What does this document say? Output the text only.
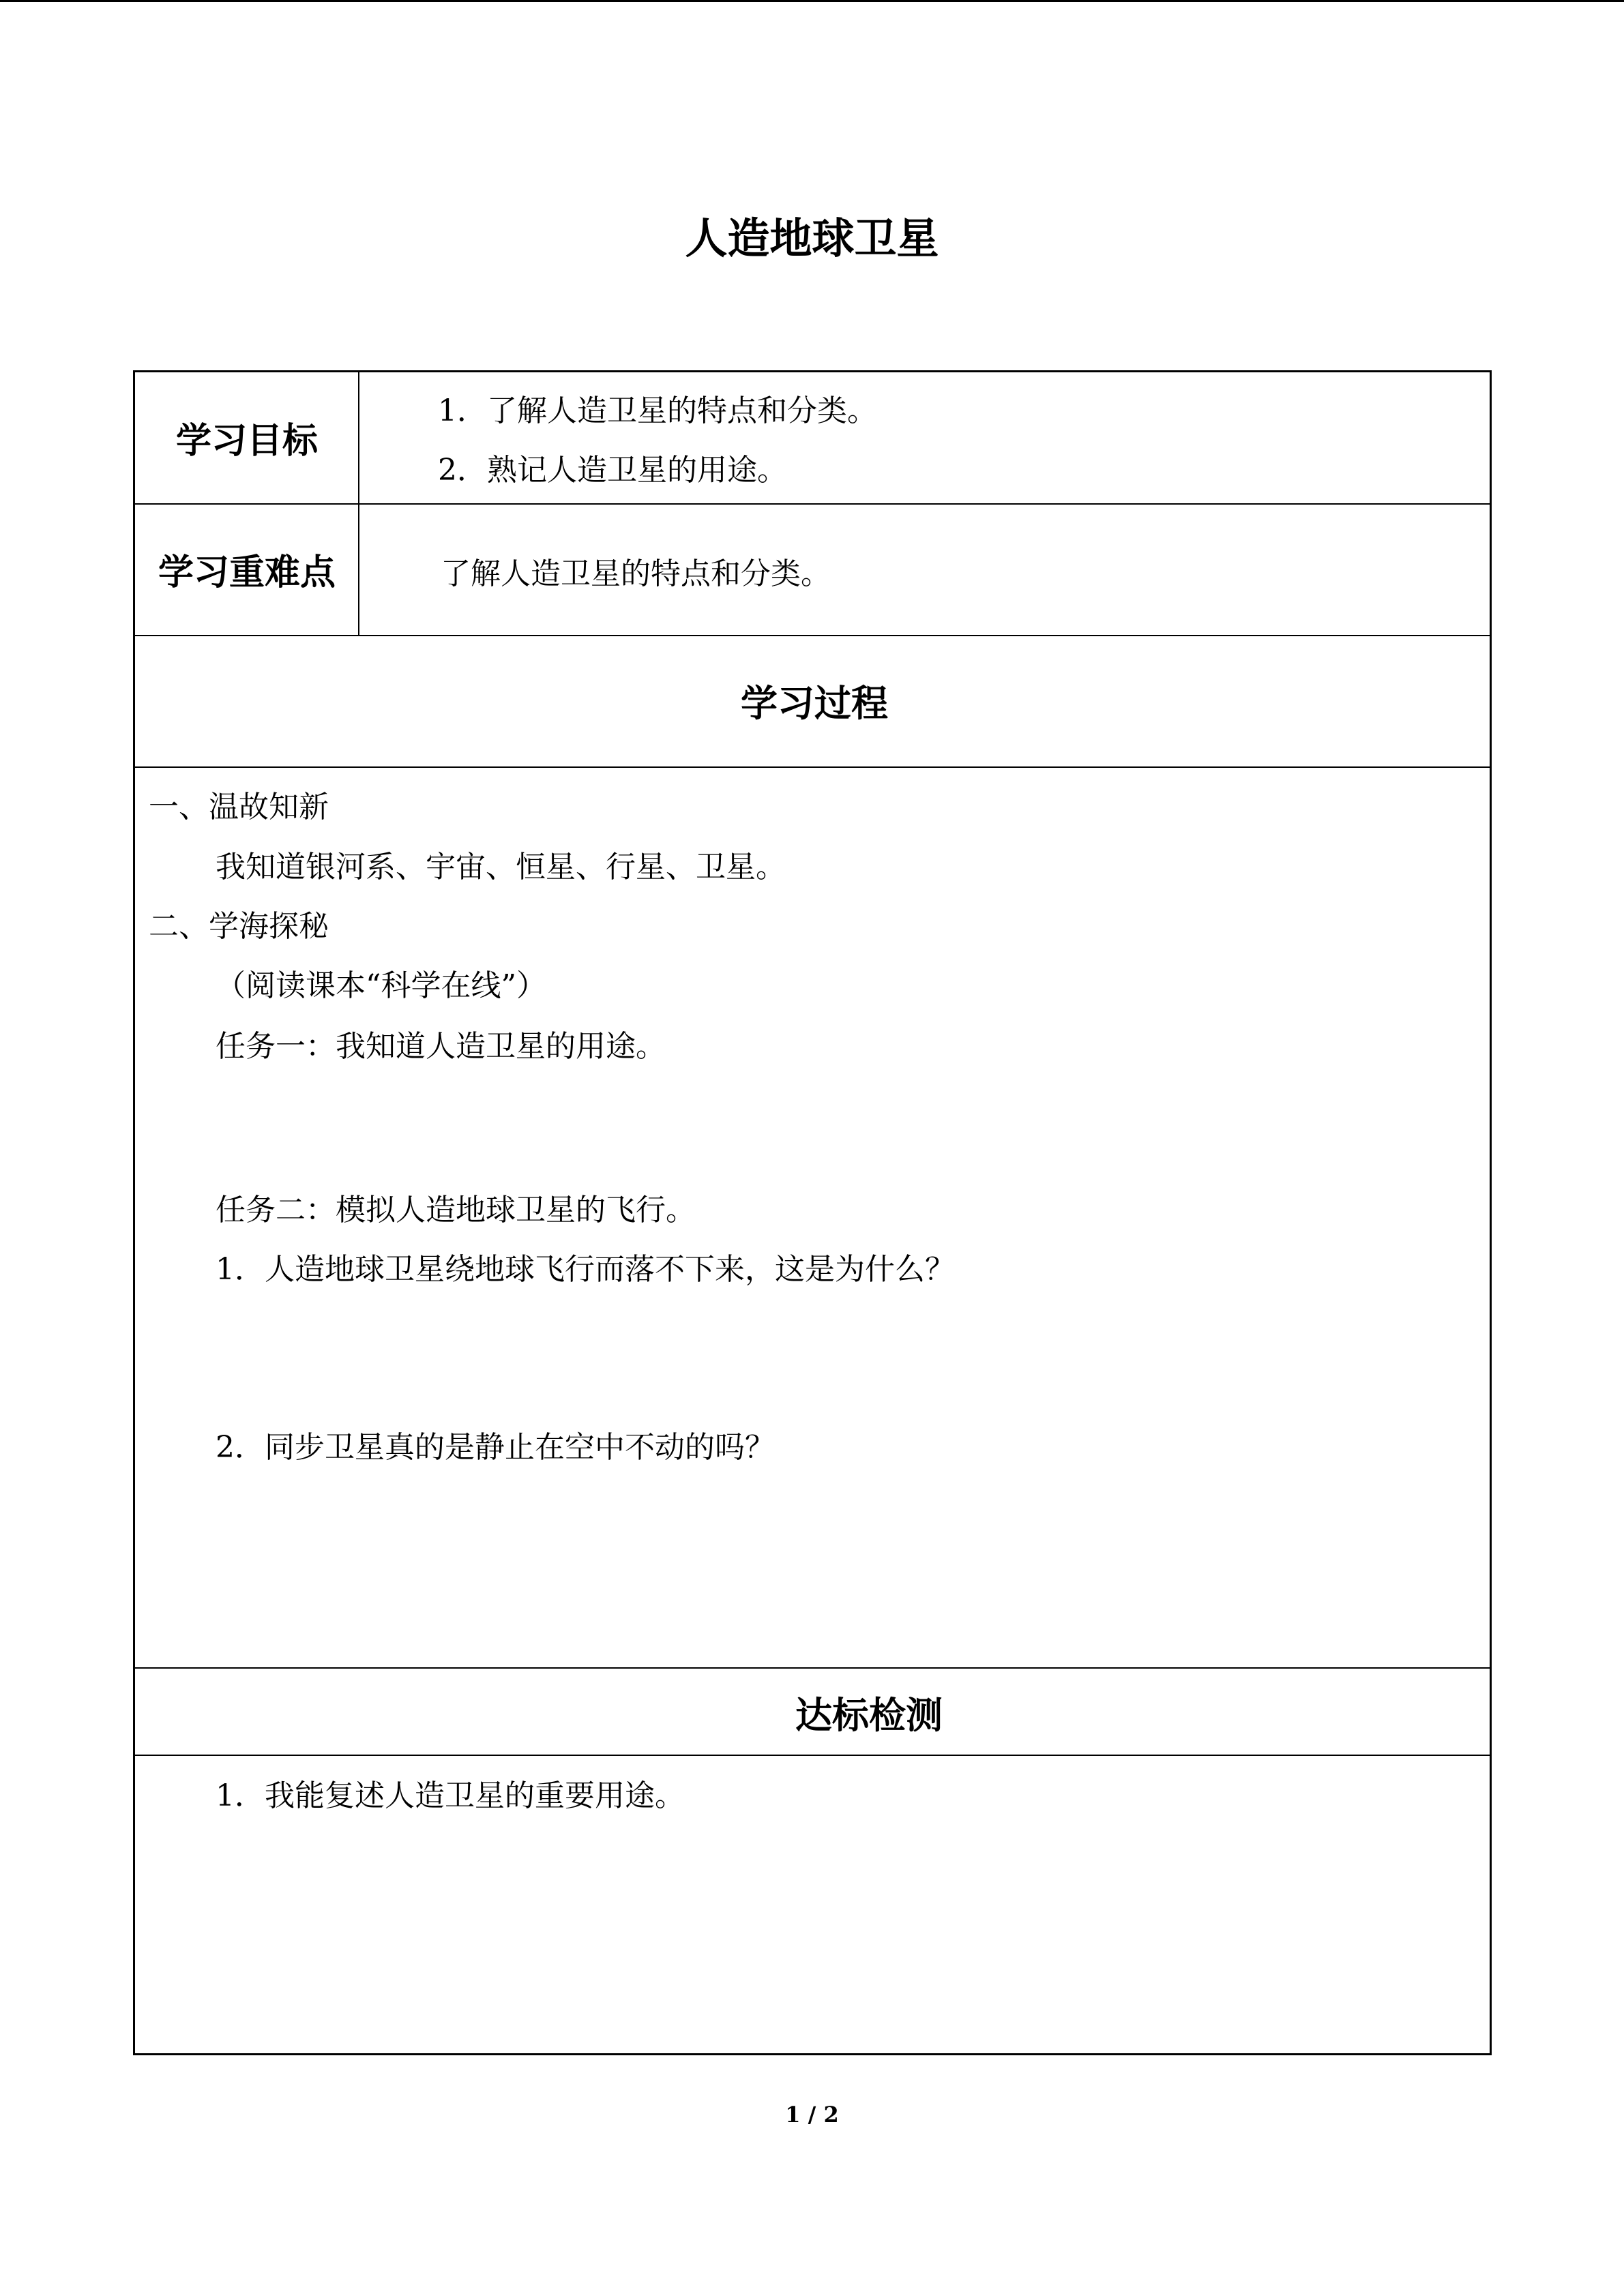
人造地球卫星
学习目标
1．了解人造卫星的特点和分类。
2．熟记人造卫星的用途。
学习重难点	了解人造卫星的特点和分类。
学习过程
一、温故知新
我知道银河系、宇宙、恒星、行星、卫星。
二、学海探秘
（阅读课本“科学在线”）
任务一：我知道人造卫星的用途。
任务二：模拟人造地球卫星的飞行。
1．人造地球卫星绕地球飞行而落不下来，这是为什么？
2．同步卫星真的是静止在空中不动的吗？
达标检测
1．我能复述人造卫星的重要用途。
1 / 2
